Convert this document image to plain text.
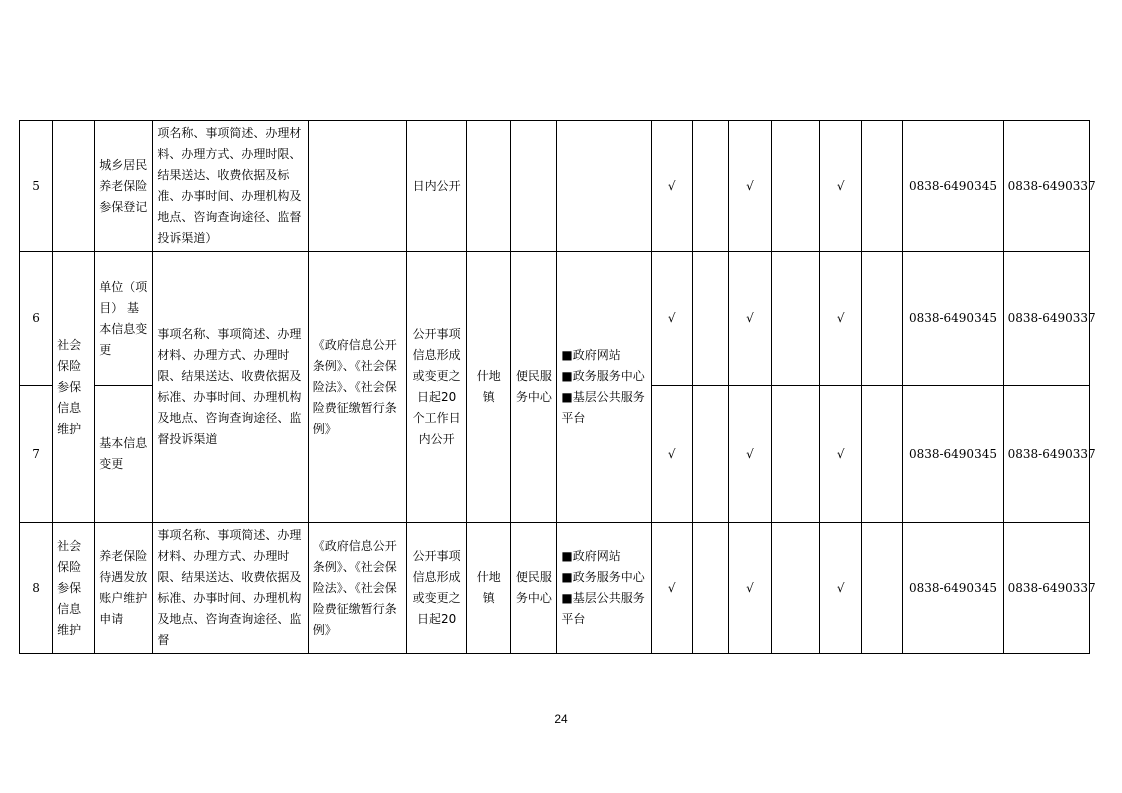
5		城乡居民养老保险参保登记	项名称、事项简述、办理材料、办理方式、办理时限、结果送达、收费依据及标准、办事时间、办理机构及地点、咨询查询途径、监督投诉渠道）		日内公开				√		√		√		0838-6490345	0838-6490337
6	社会保险参保信息维护	单位（项目） 基本信息变更	事项名称、事项简述、办理材料、办理方式、办理时限、结果送达、收费依据及标准、办事时间、办理机构及地点、咨询查询途径、监督投诉渠道	《政府信息公开条例》、《社会保险法》、《社会保险费征缴暂行条例》	公开事项信息形成或变更之日起20个工作日内公开	什地镇	便民服务中心	■政府网站
■政务服务中心
■基层公共服务平台	√		√		√		0838-6490345	0838-6490337
7		基本信息变更							√		√		√		0838-6490345	0838-6490337
8	社会保险参保信息维护	养老保险待遇发放账户维护申请	事项名称、事项简述、办理材料、办理方式、办理时限、结果送达、收费依据及标准、办事时间、办理机构及地点、咨询查询途径、监督	《政府信息公开条例》、《社会保险法》、《社会保险费征缴暂行条例》	公开事项信息形成或变更之日起20	什地镇	便民服务中心	■政府网站
■政务服务中心
■基层公共服务平台	√		√		√		0838-6490345	0838-6490337
24
